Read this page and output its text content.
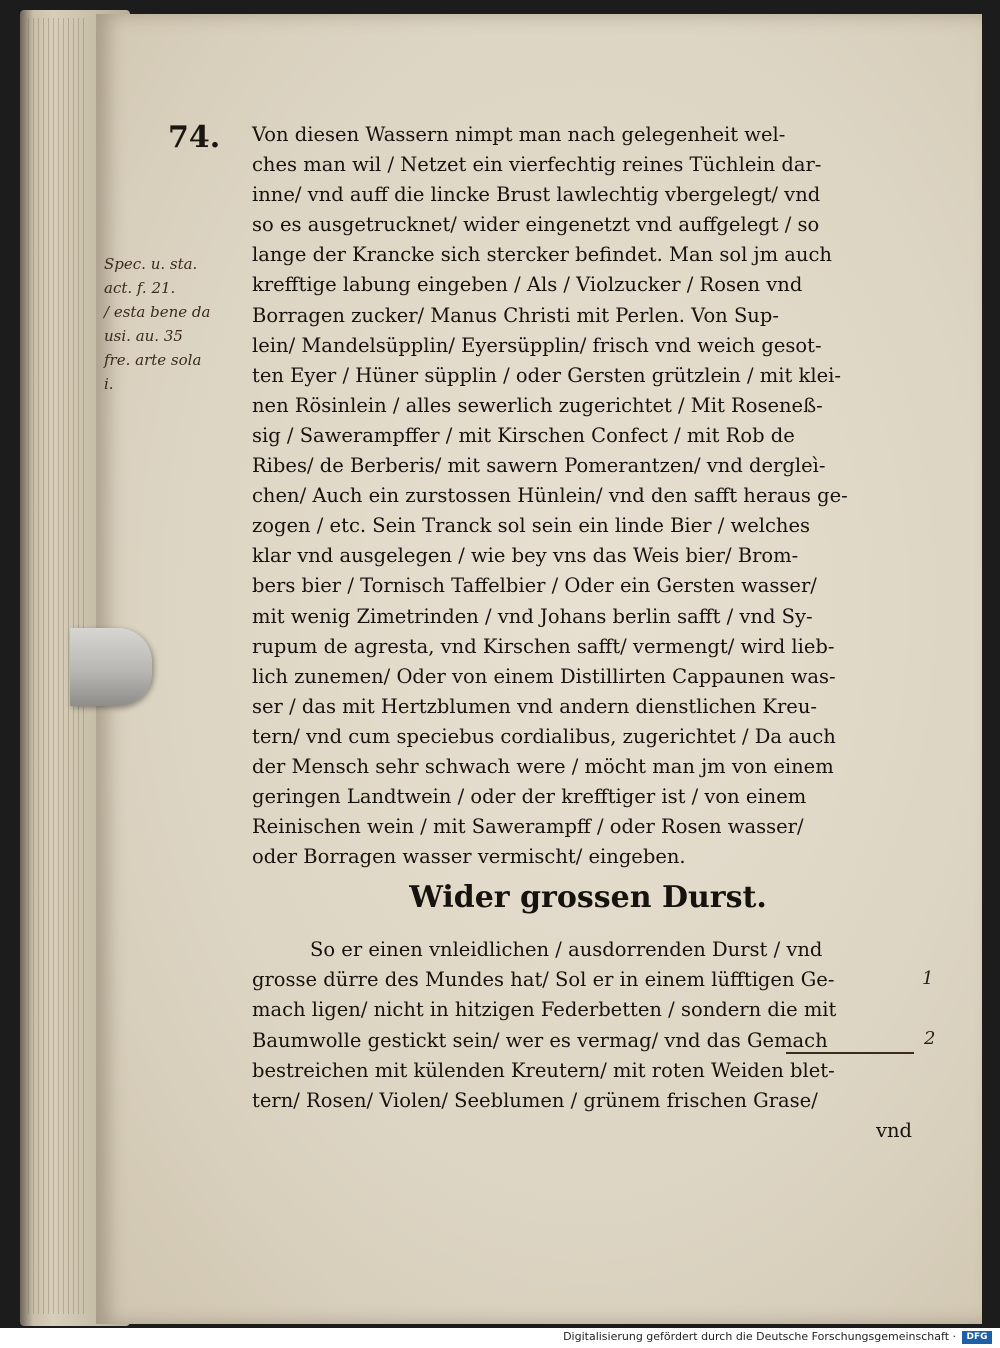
74.
Spec. u. sta.
act. f. 21.
/ esta bene da
usi. au. 35
fre. arte sola
i.
Von diesen Wassern nimpt man nach gelegenheit wel-
ches man wil / Netzet ein vierfechtig reines Tüchlein dar-
inne/ vnd auff die lincke Brust lawlechtig vbergelegt/ vnd
so es ausgetrucknet/ wider eingenetzt vnd auffgelegt / so
lange der Krancke sich stercker befindet. Man sol jm auch
krefftige labung eingeben / Als / Violzucker / Rosen vnd
Borragen zucker/ Manus Christi mit Perlen. Von Sup-
lein/ Mandelsüpplin/ Eyersüpplin/ frisch vnd weich gesot-
ten Eyer / Hüner süpplin / oder Gersten grützlein / mit klei-
nen Rösinlein / alles sewerlich zugerichtet / Mit Roseneß-
sig / Sawerampffer / mit Kirschen Confect / mit Rob de
Ribes/ de Berberis/ mit sawern Pomerantzen/ vnd dergleì-
chen/ Auch ein zurstossen Hünlein/ vnd den safft heraus ge-
zogen / etc. Sein Tranck sol sein ein linde Bier / welches
klar vnd ausgelegen / wie bey vns das Weis bier/ Brom-
bers bier / Tornisch Taffelbier / Oder ein Gersten wasser/
mit wenig Zimetrinden / vnd Johans berlin safft / vnd Sy-
rupum de agresta, vnd Kirschen safft/ vermengt/ wird lieb-
lich zunemen/ Oder von einem Distillirten Cappaunen was-
ser / das mit Hertzblumen vnd andern dienstlichen Kreu-
tern/ vnd cum speciebus cordialibus, zugerichtet / Da auch
der Mensch sehr schwach were / möcht man jm von einem
geringen Landtwein / oder der krefftiger ist / von einem
Reinischen wein / mit Sawerampff / oder Rosen wasser/
oder Borragen wasser vermischt/ eingeben.
Wider grossen Durst.
So er einen vnleidlichen / ausdorrenden Durst / vnd
grosse dürre des Mundes hat/ Sol er in einem lüfftigen Ge-
mach ligen/ nicht in hitzigen Federbetten / sondern die mit
Baumwolle gestickt sein/ wer es vermag/ vnd das Gemach
bestreichen mit külenden Kreutern/ mit roten Weiden blet-
tern/ Rosen/ Violen/ Seeblumen / grünem frischen Grase/
vnd
1
2
Digitalisierung gefördert durch die Deutsche Forschungsgemeinschaft ·	DFG
